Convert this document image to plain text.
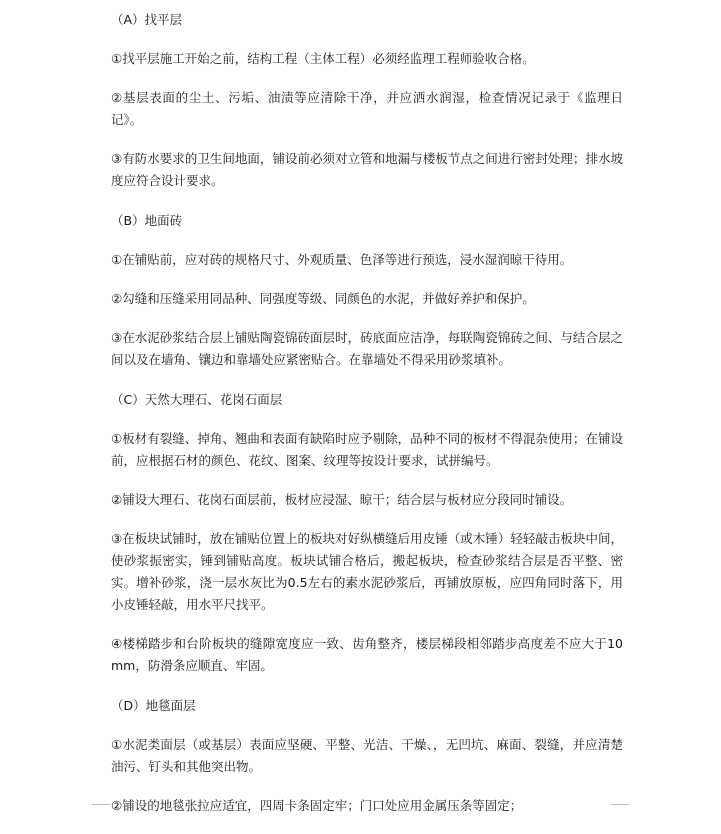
（A）找平层
①找平层施工开始之前，结构工程（主体工程）必须经监理工程师验收合格。
②基层表面的尘土、污垢、油渍等应清除干净，并应洒水润湿，检查情况记录于《监理日记》。
③有防水要求的卫生间地面，铺设前必须对立管和地漏与楼板节点之间进行密封处理；排水坡度应符合设计要求。
（B）地面砖
①在铺贴前，应对砖的规格尺寸、外观质量、色泽等进行预选，浸水湿润晾干待用。
②勾缝和压缝采用同品种、同强度等级、同颜色的水泥，并做好养护和保护。
③在水泥砂浆结合层上铺贴陶瓷锦砖面层时，砖底面应洁净，每联陶瓷锦砖之间、与结合层之间以及在墙角、镶边和靠墙处应紧密贴合。在靠墙处不得采用砂浆填补。
（C）天然大理石、花岗石面层
①板材有裂缝、掉角、翘曲和表面有缺陷时应予剔除，品种不同的板材不得混杂使用；在铺设前，应根据石材的颜色、花纹、图案、纹理等按设计要求，试拼编号。
②铺设大理石、花岗石面层前，板材应浸湿、晾干；结合层与板材应分段同时铺设。
③在板块试铺时，放在铺贴位置上的板块对好纵横缝后用皮锤（或木锤）轻轻敲击板块中间，使砂浆振密实，锤到铺贴高度。板块试铺合格后，搬起板块，检查砂浆结合层是否平整、密实。增补砂浆，浇一层水灰比为0.5左右的素水泥砂浆后，再铺放原板，应四角同时落下，用小皮锤轻敲，用水平尺找平。
④楼梯踏步和台阶板块的缝隙宽度应一致、齿角整齐，楼层梯段相邻踏步高度差不应大于10mm，防滑条应顺直、牢固。
（D）地毯面层
①水泥类面层（或基层）表面应坚硬、平整、光洁、干燥、，无凹坑、麻面、裂缝，并应清楚油污、钉头和其他突出物。
②铺设的地毯张拉应适宜，四周卡条固定牢；门口处应用金属压条等固定；
